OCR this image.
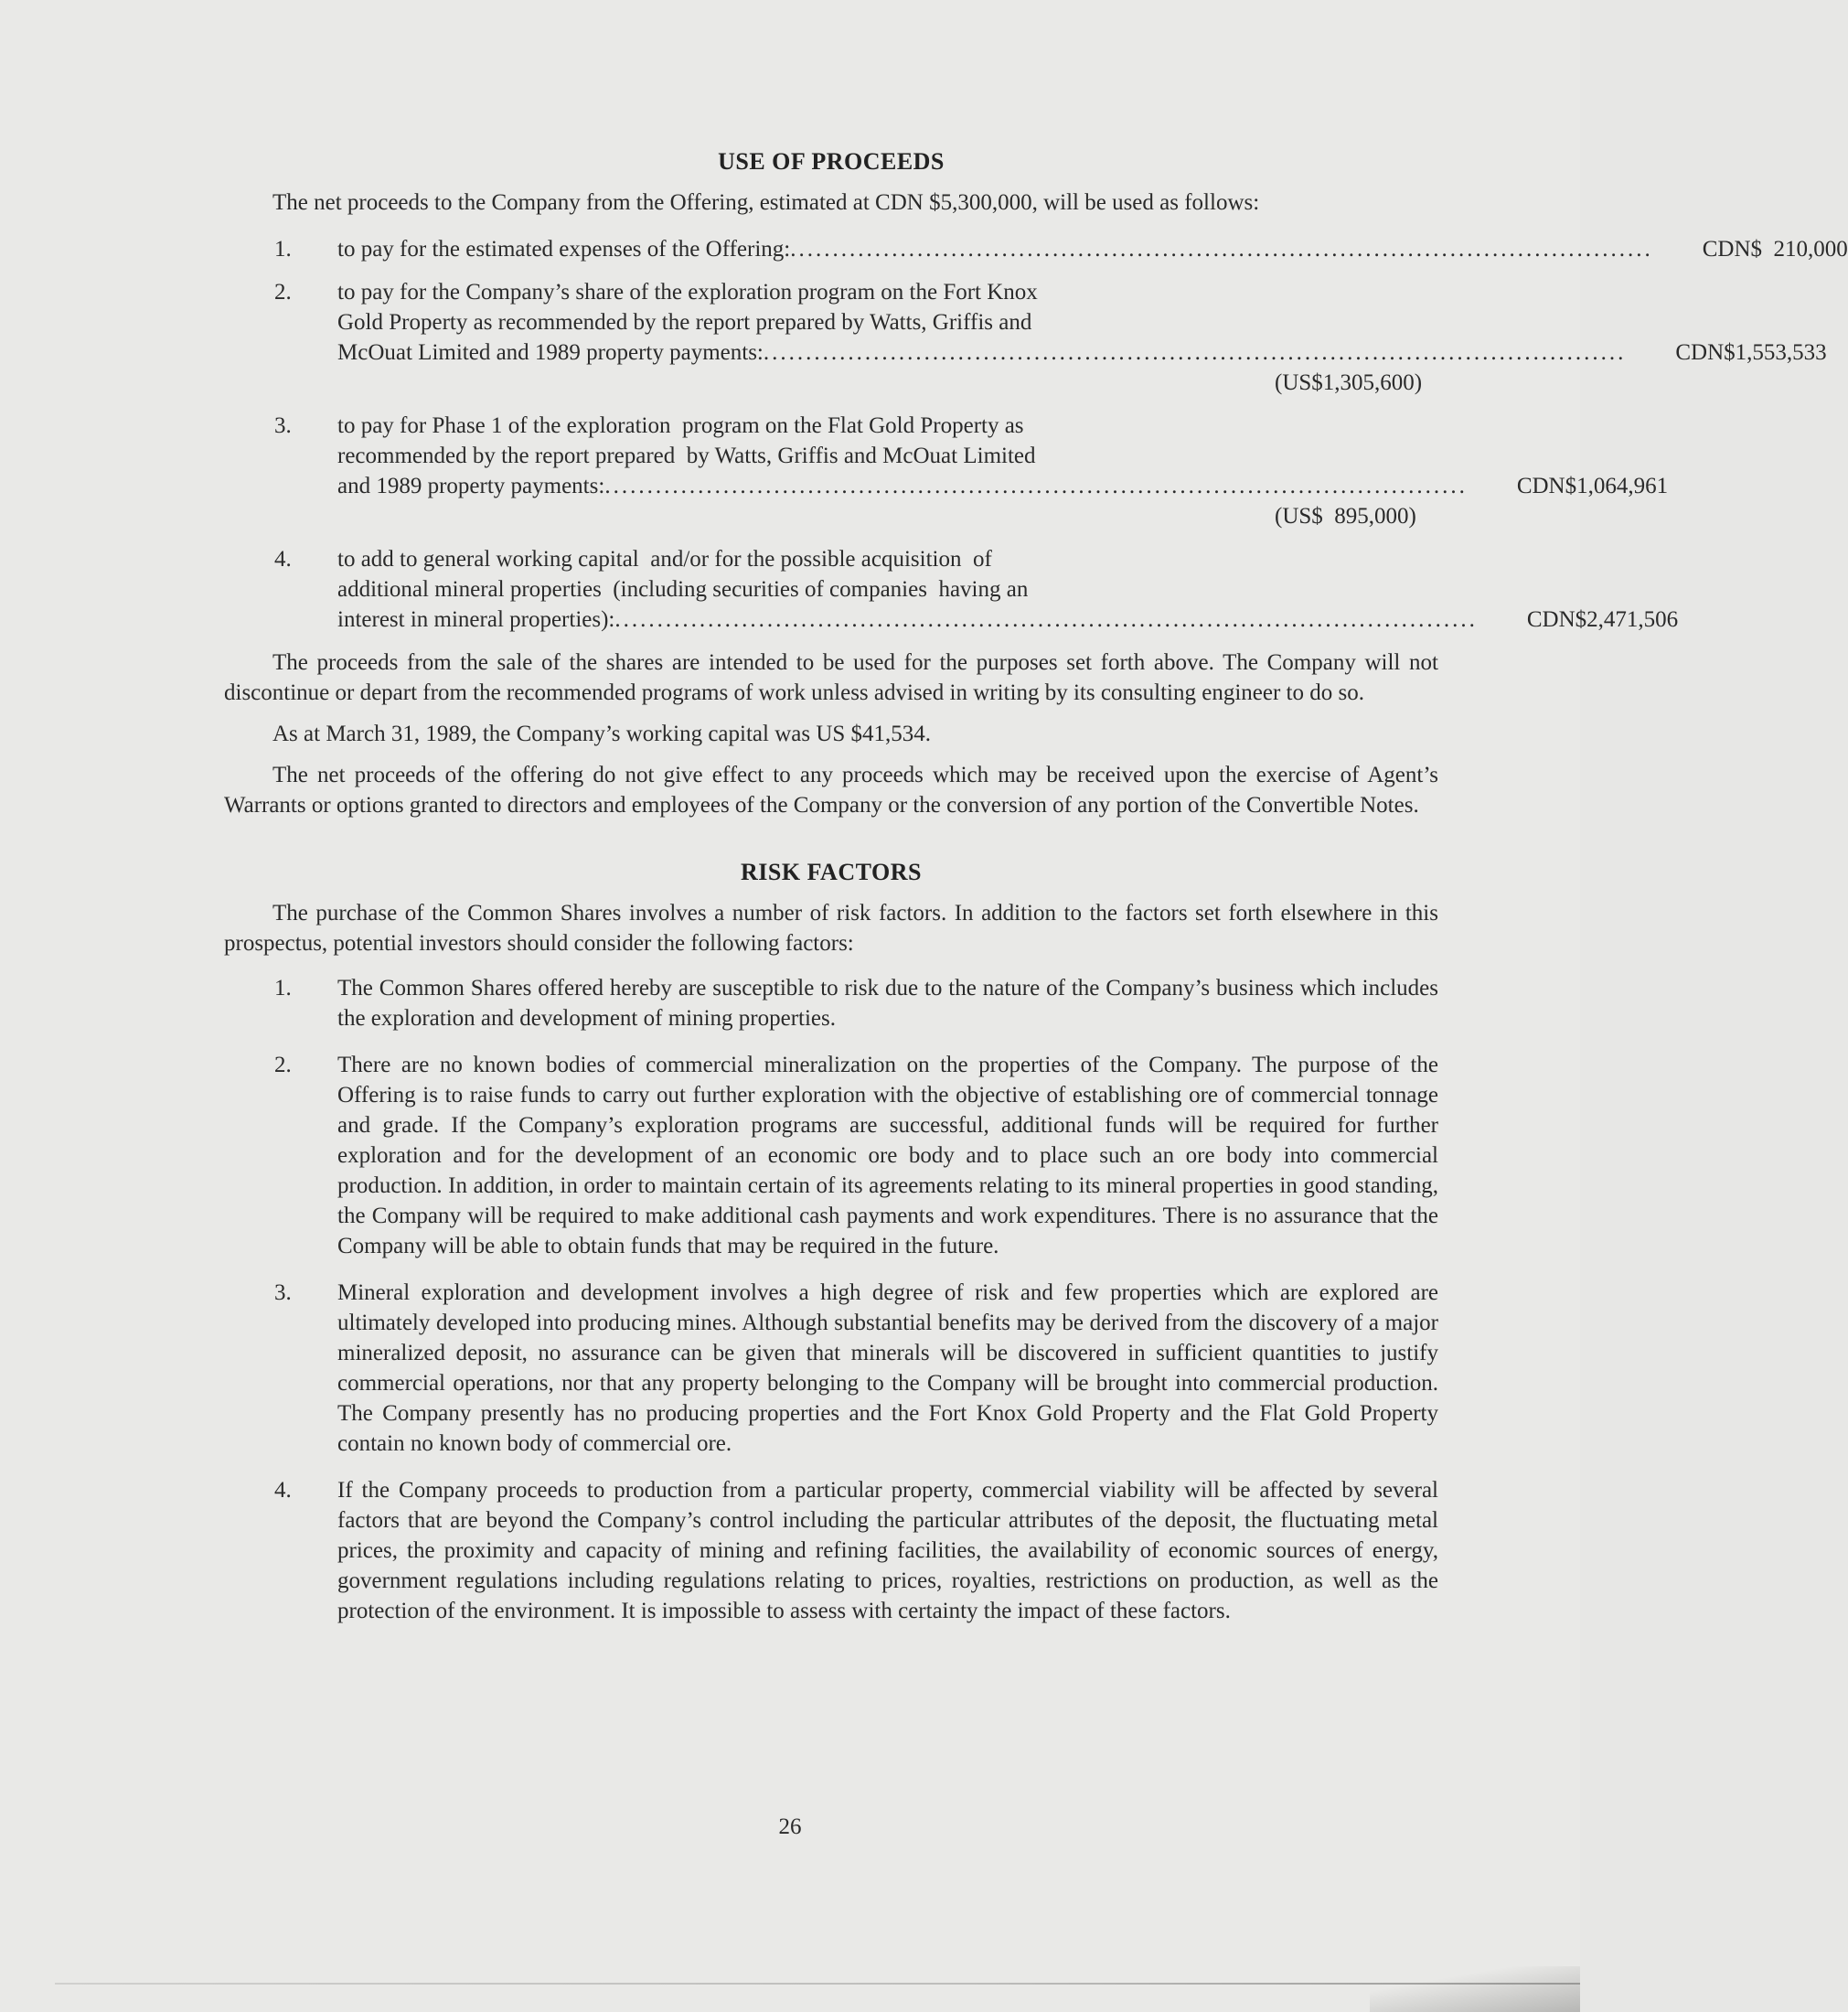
USE OF PROCEEDS

The net proceeds to the Company from the Offering, estimated at CDN $5,300,000, will be used as follows:

1.	to pay for the estimated expenses of the Offering: ...................................................................................................... CDN$  210,000
2.	to pay for the Company’s share of the exploration program on the Fort Knox
Gold Property as recommended by the report prepared by Watts, Griffis and
McOuat Limited and 1989 property payments: ...................................................................................................... CDN$1,553,533
(US$1,305,600)
3.	to pay for Phase 1 of the exploration  program on the Flat Gold Property as
recommended by the report prepared  by Watts, Griffis and McOuat Limited
and 1989 property payments: ...................................................................................................... CDN$1,064,961
(US$  895,000)
4.	to add to general working capital  and/or for the possible acquisition  of
additional mineral properties  (including securities of companies  having an
interest in mineral properties): ...................................................................................................... CDN$2,471,506

The proceeds from the sale of the shares are intended to be used for the purposes set forth above. The Company will not discontinue or depart from the recommended programs of work unless advised in writing by its consulting engineer to do so.

As at March 31, 1989, the Company’s working capital was US $41,534.

The net proceeds of the offering do not give effect to any proceeds which may be received upon the exercise of Agent’s Warrants or options granted to directors and employees of the Company or the conversion of any portion of the Convertible Notes.

RISK FACTORS

The purchase of the Common Shares involves a number of risk factors. In addition to the factors set forth elsewhere in this prospectus, potential investors should consider the following factors:

1.	The Common Shares offered hereby are susceptible to risk due to the nature of the Company’s business which includes the exploration and development of mining properties.
2.	There are no known bodies of commercial mineralization on the properties of the Company. The purpose of the Offering is to raise funds to carry out further exploration with the objective of establishing ore of commercial tonnage and grade. If the Company’s exploration programs are successful, additional funds will be required for further exploration and for the development of an economic ore body and to place such an ore body into commercial production. In addition, in order to maintain certain of its agreements relating to its mineral properties in good standing, the Company will be required to make additional cash payments and work expenditures. There is no assurance that the Company will be able to obtain funds that may be required in the future.
3.	Mineral exploration and development involves a high degree of risk and few properties which are explored are ultimately developed into producing mines. Although substantial benefits may be derived from the discovery of a major mineralized deposit, no assurance can be given that minerals will be discovered in sufficient quantities to justify commercial operations, nor that any property belonging to the Company will be brought into commercial production. The Company presently has no producing properties and the Fort Knox Gold Property and the Flat Gold Property contain no known body of commercial ore.
4.	If the Company proceeds to production from a particular property, commercial viability will be affected by several factors that are beyond the Company’s control including the particular attributes of the deposit, the fluctuating metal prices, the proximity and capacity of mining and refining facilities, the availability of economic sources of energy, government regulations including regulations relating to prices, royalties, restrictions on production, as well as the protection of the environment. It is impossible to assess with certainty the impact of these factors.
26
